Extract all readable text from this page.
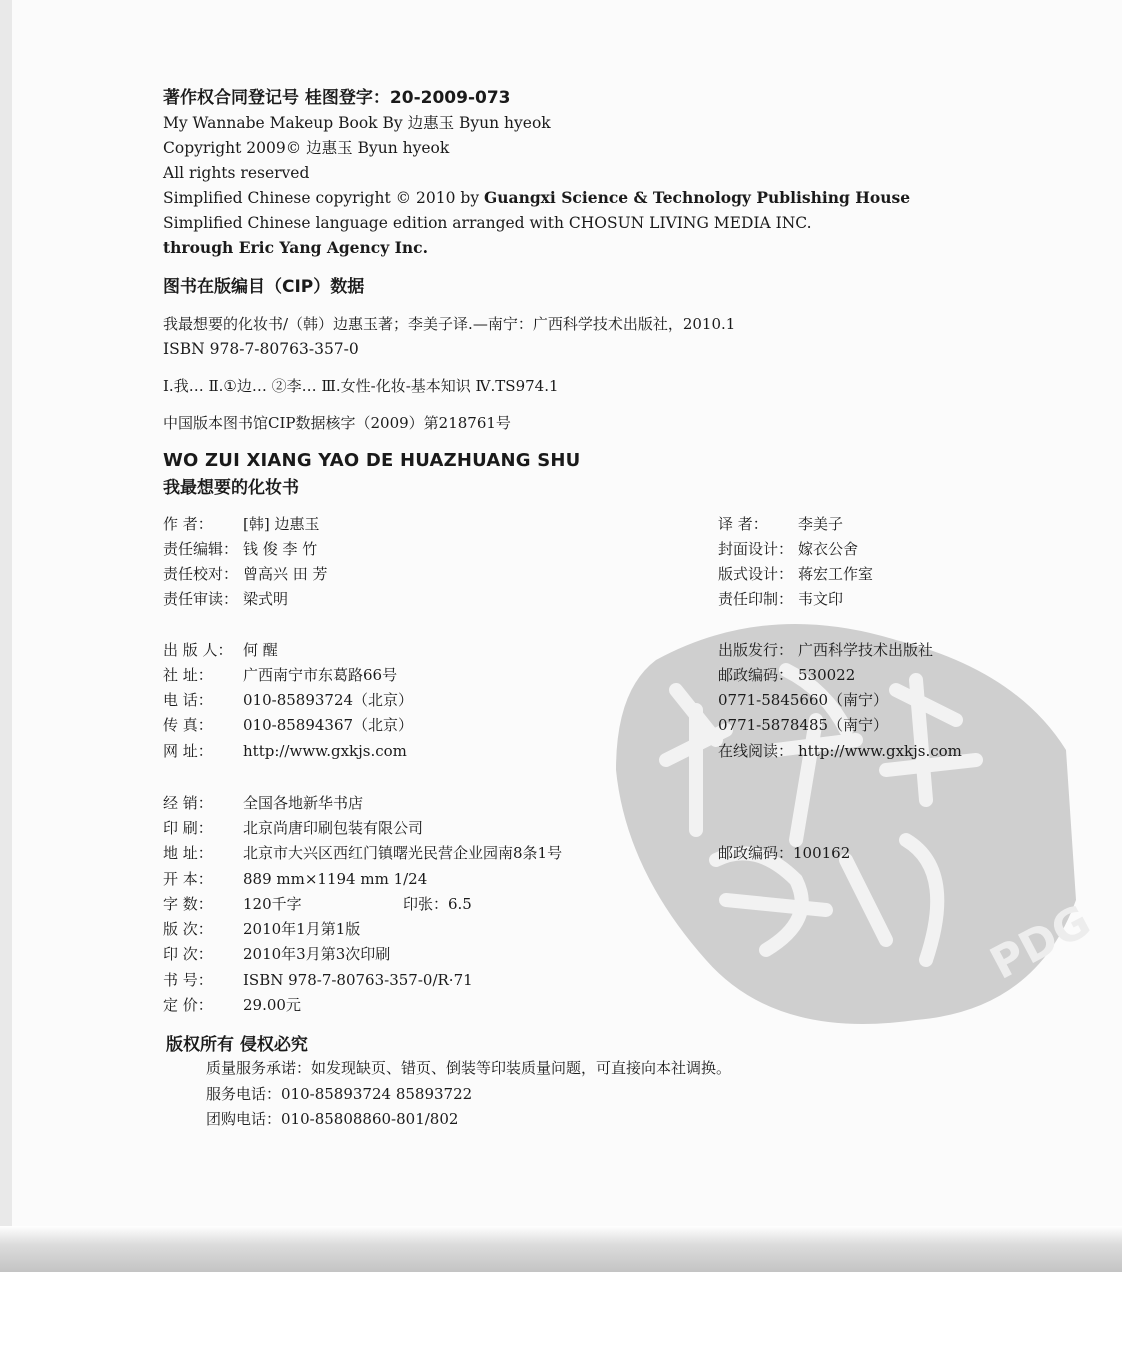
PDG
著作权合同登记号 桂图登字：20-2009-073
My Wannabe Makeup Book By 边惠玉 Byun hyeok
Copyright 2009© 边惠玉 Byun hyeok
All rights reserved
Simplified Chinese copyright © 2010 by Guangxi Science & Technology Publishing House
Simplified Chinese language edition arranged with CHOSUN LIVING MEDIA INC.
through Eric Yang Agency Inc.
图书在版编目（CIP）数据
我最想要的化妆书/（韩）边惠玉著；李美子译.—南宁：广西科学技术出版社，2010.1
ISBN 978-7-80763-357-0
Ⅰ.我… Ⅱ.①边… ②李… Ⅲ.女性-化妆-基本知识 Ⅳ.TS974.1
中国版本图书馆CIP数据核字（2009）第218761号
WO ZUI XIANG YAO DE HUAZHUANG SHU
我最想要的化妆书
作 者： [韩] 边惠玉
责任编辑： 钱 俊 李 竹
责任校对： 曾高兴 田 芳
责任审读： 梁式明
译 者： 李美子
封面设计： 嫁衣公舍
版式设计： 蒋宏工作室
责任印制： 韦文印
出 版 人： 何 醒
社 址： 广西南宁市东葛路66号
电 话： 010-85893724（北京）
传 真： 010-85894367（北京）
网 址： http://www.gxkjs.com
出版发行： 广西科学技术出版社
邮政编码： 530022
0771-5845660（南宁）
0771-5878485（南宁）
在线阅读： http://www.gxkjs.com
经 销： 全国各地新华书店
印 刷： 北京尚唐印刷包装有限公司
地 址： 北京市大兴区西红门镇曙光民营企业园南8条1号
开 本： 889 mm×1194 mm 1/24
字 数： 120千字
版 次： 2010年1月第1版
印 次： 2010年3月第3次印刷
书 号： ISBN 978-7-80763-357-0/R·71
定 价： 29.00元
印张：6.5
邮政编码：100162
版权所有 侵权必究
质量服务承诺：如发现缺页、错页、倒装等印装质量问题，可直接向本社调换。
服务电话：010-85893724 85893722
团购电话：010-85808860-801/802
